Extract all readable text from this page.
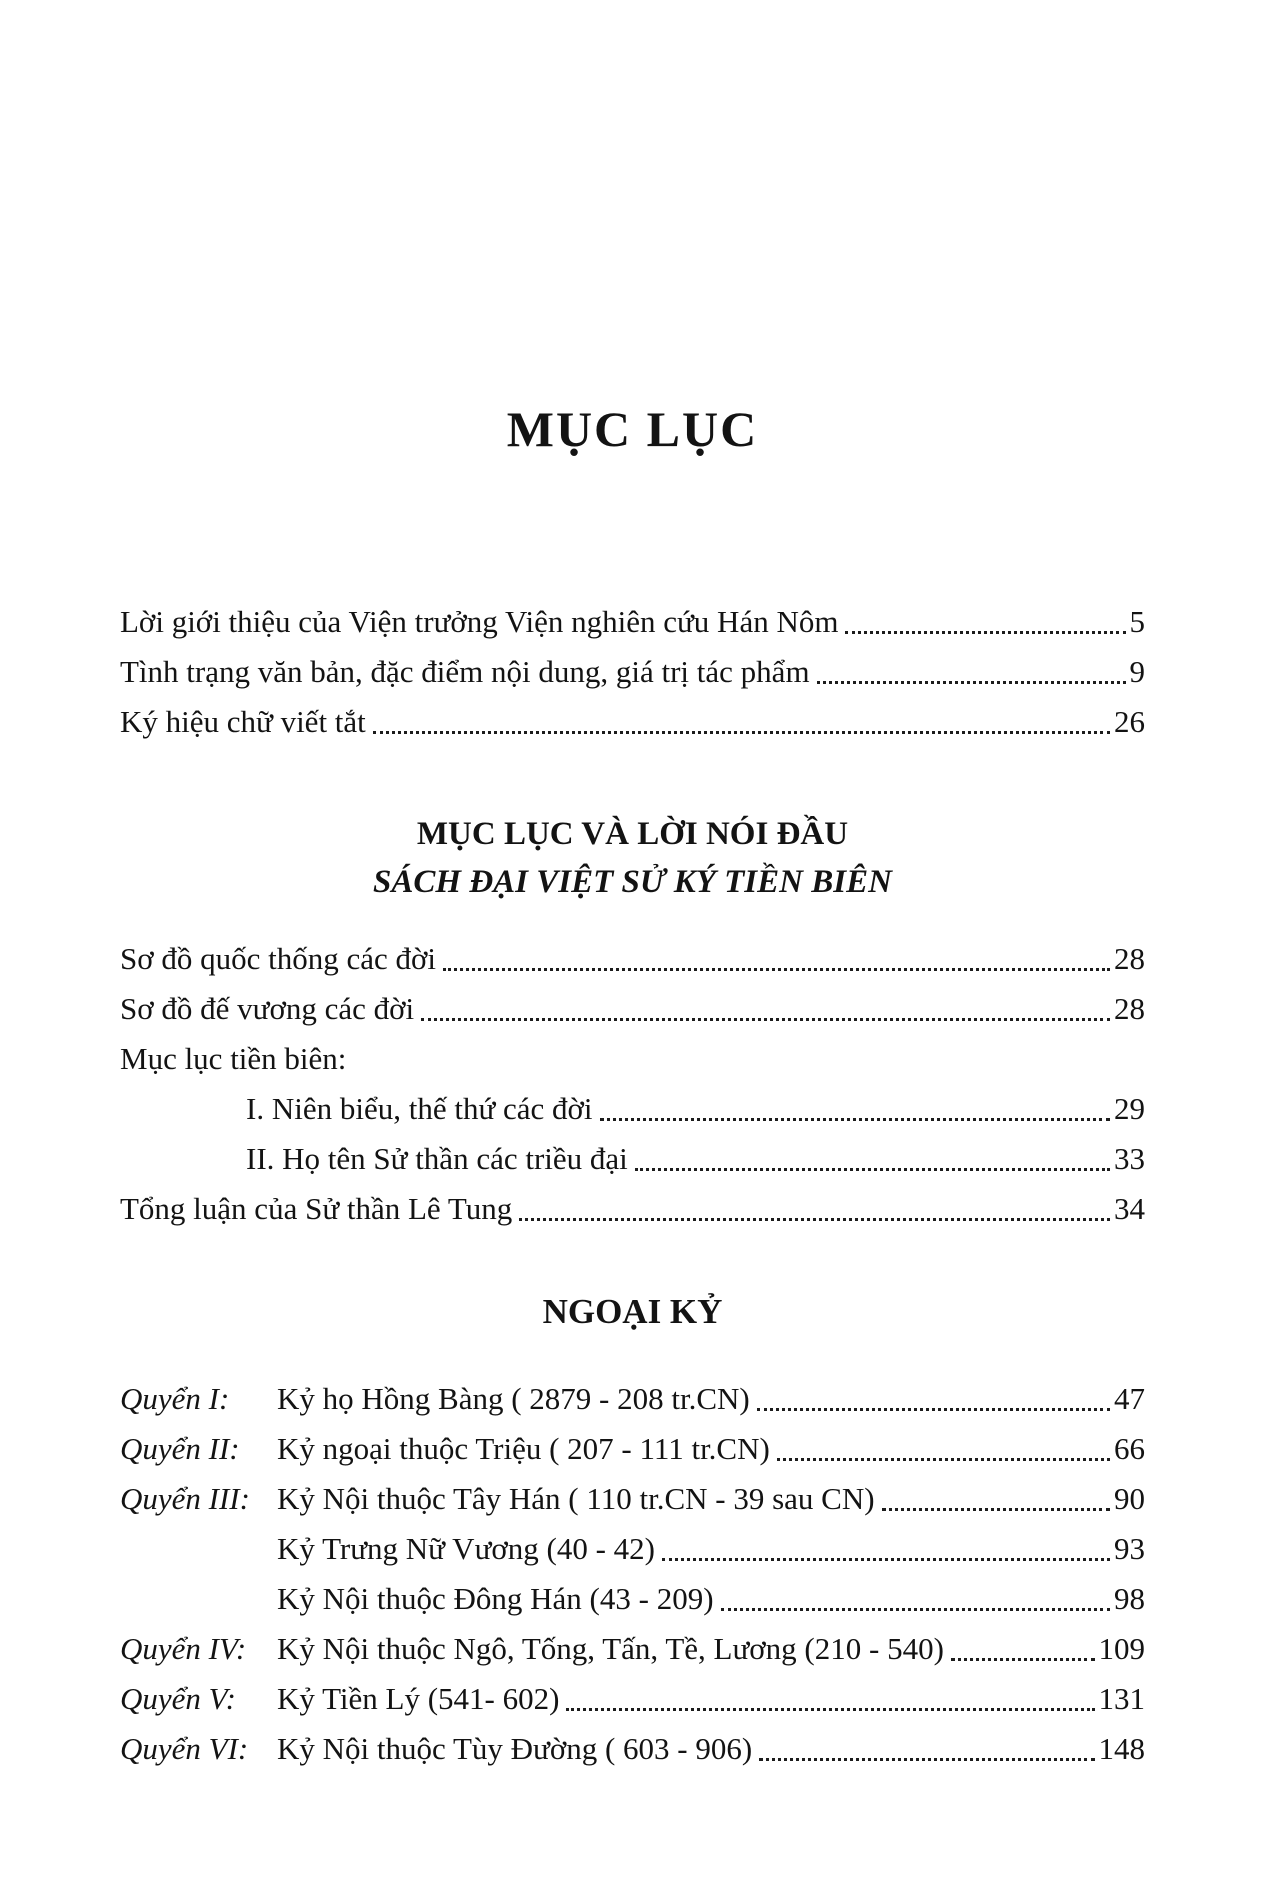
MỤC LỤC
Lời giới thiệu của Viện trưởng Viện nghiên cứu Hán Nôm	5
Tình trạng văn bản, đặc điểm nội dung, giá trị tác phẩm	9
Ký hiệu chữ viết tắt	26
MỤC LỤC VÀ LỜI NÓI ĐẦU
SÁCH ĐẠI VIỆT SỬ KÝ TIỀN BIÊN
Sơ đồ quốc thống các đời	28
Sơ đồ đế vương các đời	28
Mục lục tiền biên:
I. Niên biểu, thế thứ các đời	29
II. Họ tên Sử thần các triều đại	33
Tổng luận của Sử thần Lê Tung	34
NGOẠI KỶ
Quyển I:	Kỷ họ Hồng Bàng ( 2879 - 208 tr.CN)	47
Quyển II:	Kỷ ngoại thuộc Triệu ( 207 - 111 tr.CN)	66
Quyển III: Kỷ Nội thuộc Tây Hán ( 110 tr.CN - 39 sau CN)	90
Kỷ Trưng Nữ Vương (40 - 42)	93
Kỷ Nội thuộc Đông Hán (43 - 209)	98
Quyển IV: Kỷ Nội thuộc Ngô, Tống, Tấn, Tề, Lương (210 - 540)	109
Quyển V:	Kỷ Tiền Lý (541- 602)	131
Quyển VI: Kỷ Nội thuộc Tùy Đường ( 603 - 906)	148
